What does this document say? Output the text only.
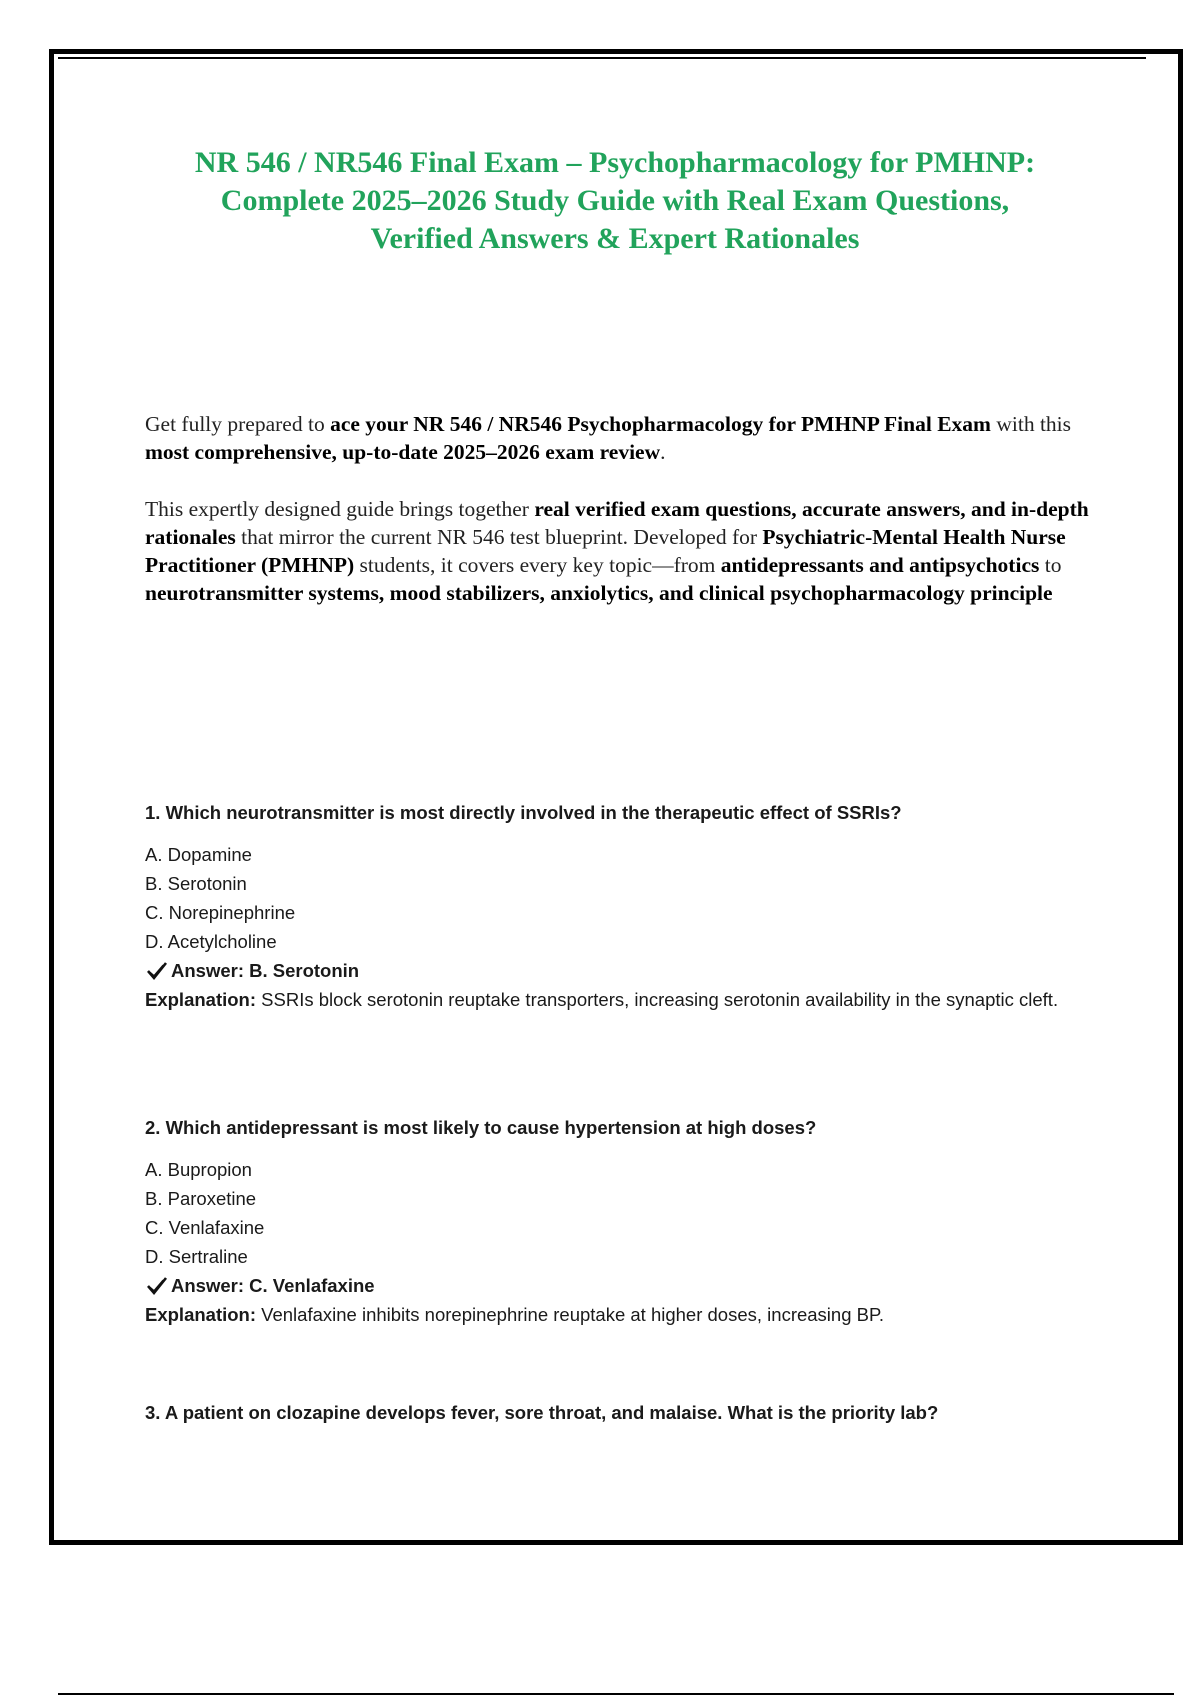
NR 546 / NR546 Final Exam – Psychopharmacology for PMHNP:
Complete 2025–2026 Study Guide with Real Exam Questions,
Verified Answers & Expert Rationales

Get fully prepared to ace your NR 546 / NR546 Psychopharmacology for PMHNP Final Exam with this most comprehensive, up-to-date 2025–2026 exam review.

This expertly designed guide brings together real verified exam questions, accurate answers, and in-depth rationales that mirror the current NR 546 test blueprint. Developed for Psychiatric-Mental Health Nurse Practitioner (PMHNP) students, it covers every key topic—from antidepressants and antipsychotics to neurotransmitter systems, mood stabilizers, anxiolytics, and clinical psychopharmacology principle

1. Which neurotransmitter is most directly involved in the therapeutic effect of SSRIs?

A. Dopamine

B. Serotonin

C. Norepinephrine

D. Acetylcholine

Answer: B. Serotonin

Explanation: SSRIs block serotonin reuptake transporters, increasing serotonin availability in the synaptic cleft.

2. Which antidepressant is most likely to cause hypertension at high doses?

A. Bupropion

B. Paroxetine

C. Venlafaxine

D. Sertraline

Answer: C. Venlafaxine

Explanation: Venlafaxine inhibits norepinephrine reuptake at higher doses, increasing BP.

3. A patient on clozapine develops fever, sore throat, and malaise. What is the priority lab?
